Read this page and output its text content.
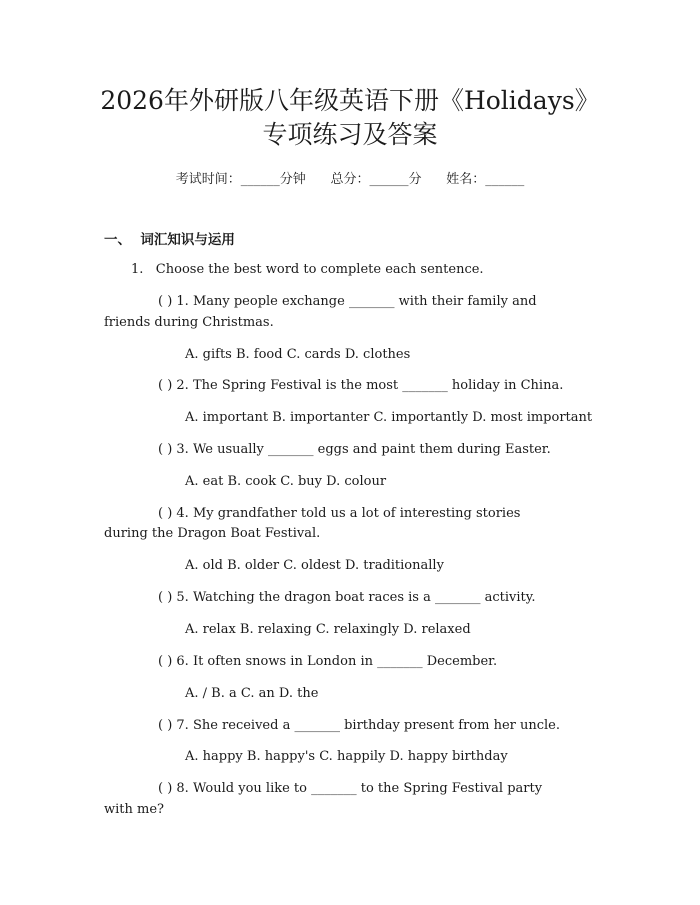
2026年外研版八年级英语下册《Holidays》
专项练习及答案
考试时间：______分钟      总分：______分      姓名：______
一、  词汇知识与运用
1.   Choose the best word to complete each sentence.
( ) 1. Many people exchange _______ with their family and
friends during Christmas.
A. gifts B. food C. cards D. clothes
( ) 2. The Spring Festival is the most _______ holiday in China.
A. important B. importanter C. importantly D. most important
( ) 3. We usually _______ eggs and paint them during Easter.
A. eat B. cook C. buy D. colour
( ) 4. My grandfather told us a lot of interesting stories
during the Dragon Boat Festival.
A. old B. older C. oldest D. traditionally
( ) 5. Watching the dragon boat races is a _______ activity.
A. relax B. relaxing C. relaxingly D. relaxed
( ) 6. It often snows in London in _______ December.
A. / B. a C. an D. the
( ) 7. She received a _______ birthday present from her uncle.
A. happy B. happy's C. happily D. happy birthday
( ) 8. Would you like to _______ to the Spring Festival party
with me?
